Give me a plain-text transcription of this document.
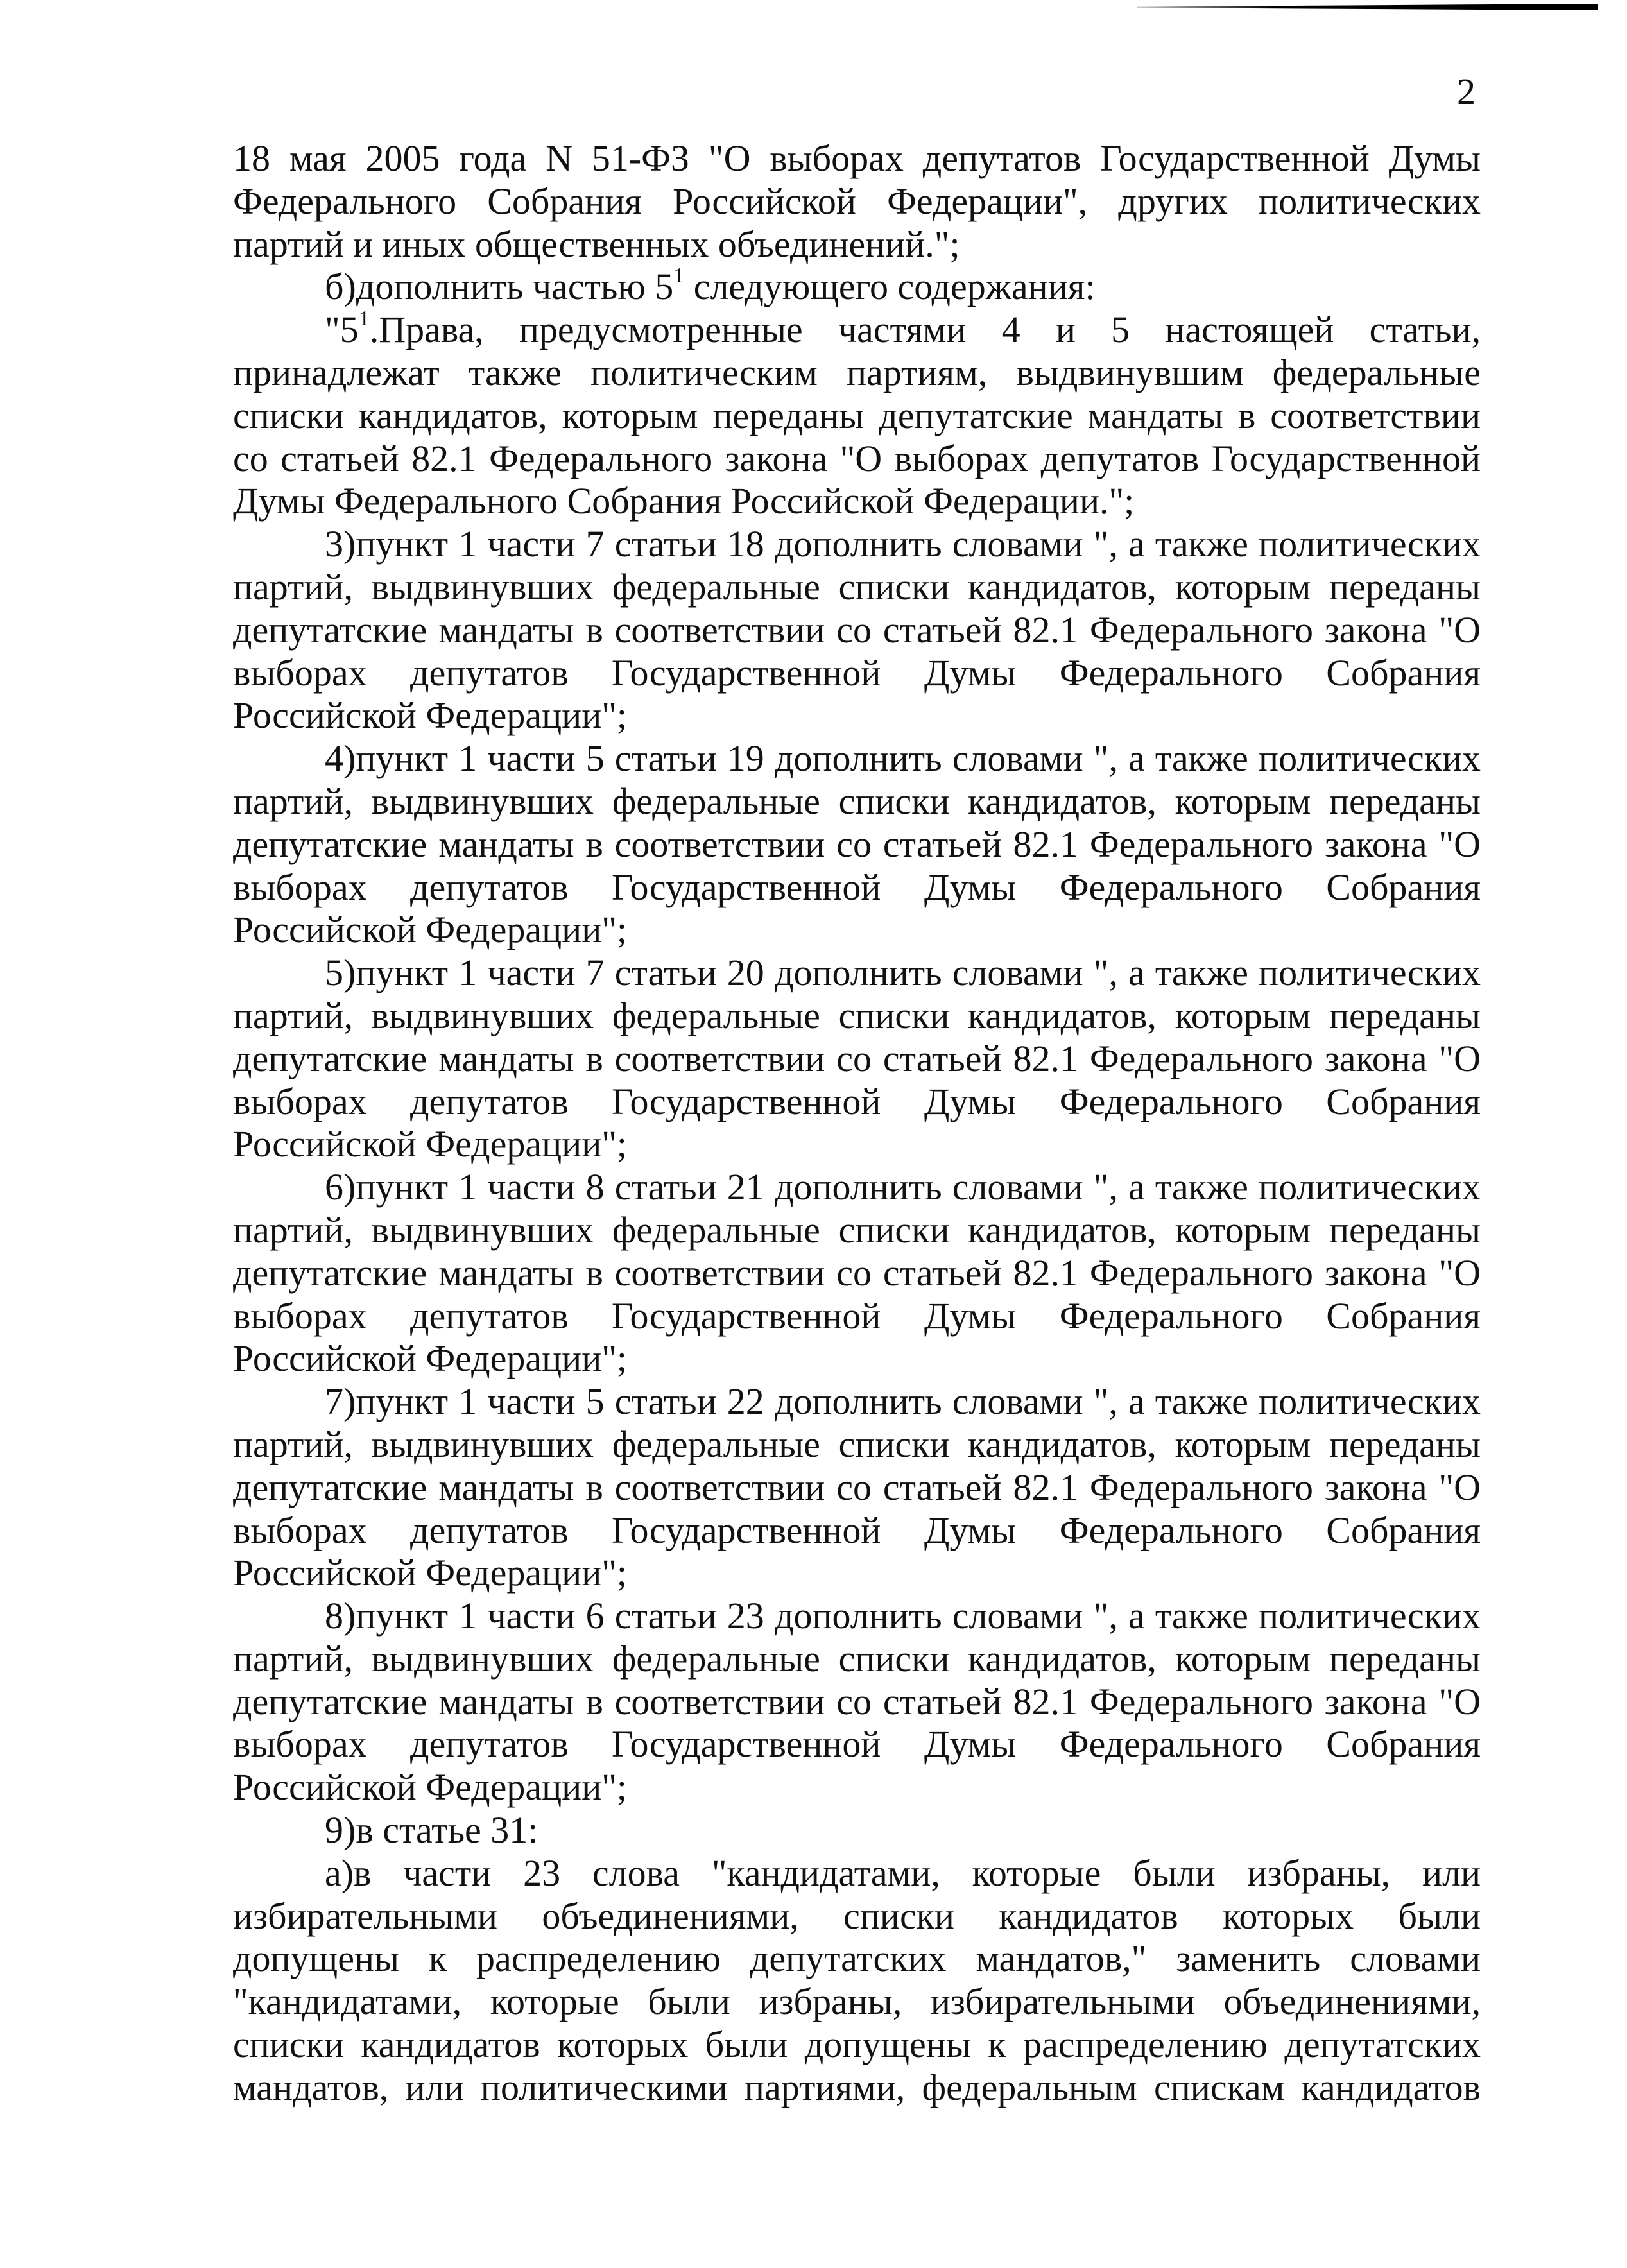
2
18 мая 2005 года N 51-ФЗ "О выборах депутатов Государственной Думы
Федерального Собрания Российской Федерации", других политических
партий и иных общественных объединений.";
б)дополнить частью $5^1$ следующего содержания:
"$5^1.Права$, предусмотренные частями 4 и 5 настоящей статьи,
принадлежат также политическим партиям, выдвинувшим федеральные
списки кандидатов, которым переданы депутатские мандаты в соответствии
со статьей 82.1 Федерального закона "О выборах депутатов Государственной
Думы Федерального Собрания Российской Федерации.";
3)пункт 1 части 7 статьи 18 дополнить словами ", а также политических
партий, выдвинувших федеральные списки кандидатов, которым переданы
депутатские мандаты в соответствии со статьей 82.1 Федерального закона "О
выборах депутатов Государственной Думы Федерального Собрания
Российской Федерации";
4)пункт 1 части 5 статьи 19 дополнить словами ", а также политических
партий, выдвинувших федеральные списки кандидатов, которым переданы
депутатские мандаты в соответствии со статьей 82.1 Федерального закона "О
выборах депутатов Государственной Думы Федерального Собрания
Российской Федерации";
5)пункт 1 части 7 статьи 20 дополнить словами ", а также политических
партий, выдвинувших федеральные списки кандидатов, которым переданы
депутатские мандаты в соответствии со статьей 82.1 Федерального закона "О
выборах депутатов Государственной Думы Федерального Собрания
Российской Федерации";
6)пункт 1 части 8 статьи 21 дополнить словами ", а также политических
партий, выдвинувших федеральные списки кандидатов, которым переданы
депутатские мандаты в соответствии со статьей 82.1 Федерального закона "О
выборах депутатов Государственной Думы Федерального Собрания
Российской Федерации";
7)пункт 1 части 5 статьи 22 дополнить словами ", а также политических
партий, выдвинувших федеральные списки кандидатов, которым переданы
депутатские мандаты в соответствии со статьей 82.1 Федерального закона "О
выборах депутатов Государственной Думы Федерального Собрания
Российской Федерации";
8)пункт 1 части 6 статьи 23 дополнить словами ", а также политических
партий, выдвинувших федеральные списки кандидатов, которым переданы
депутатские мандаты в соответствии со статьей 82.1 Федерального закона "О
выборах депутатов Государственной Думы Федерального Собрания
Российской Федерации";
9)в статье 31:
а)в части 23 слова "кандидатами, которые были избраны, или
избирательными объединениями, списки кандидатов которых были
допущены к распределению депутатских мандатов," заменить словами
"кандидатами, которые были избраны, избирательными объединениями,
списки кандидатов которых были допущены к распределению депутатских
мандатов, или политическими партиями, федеральным спискам кандидатов
